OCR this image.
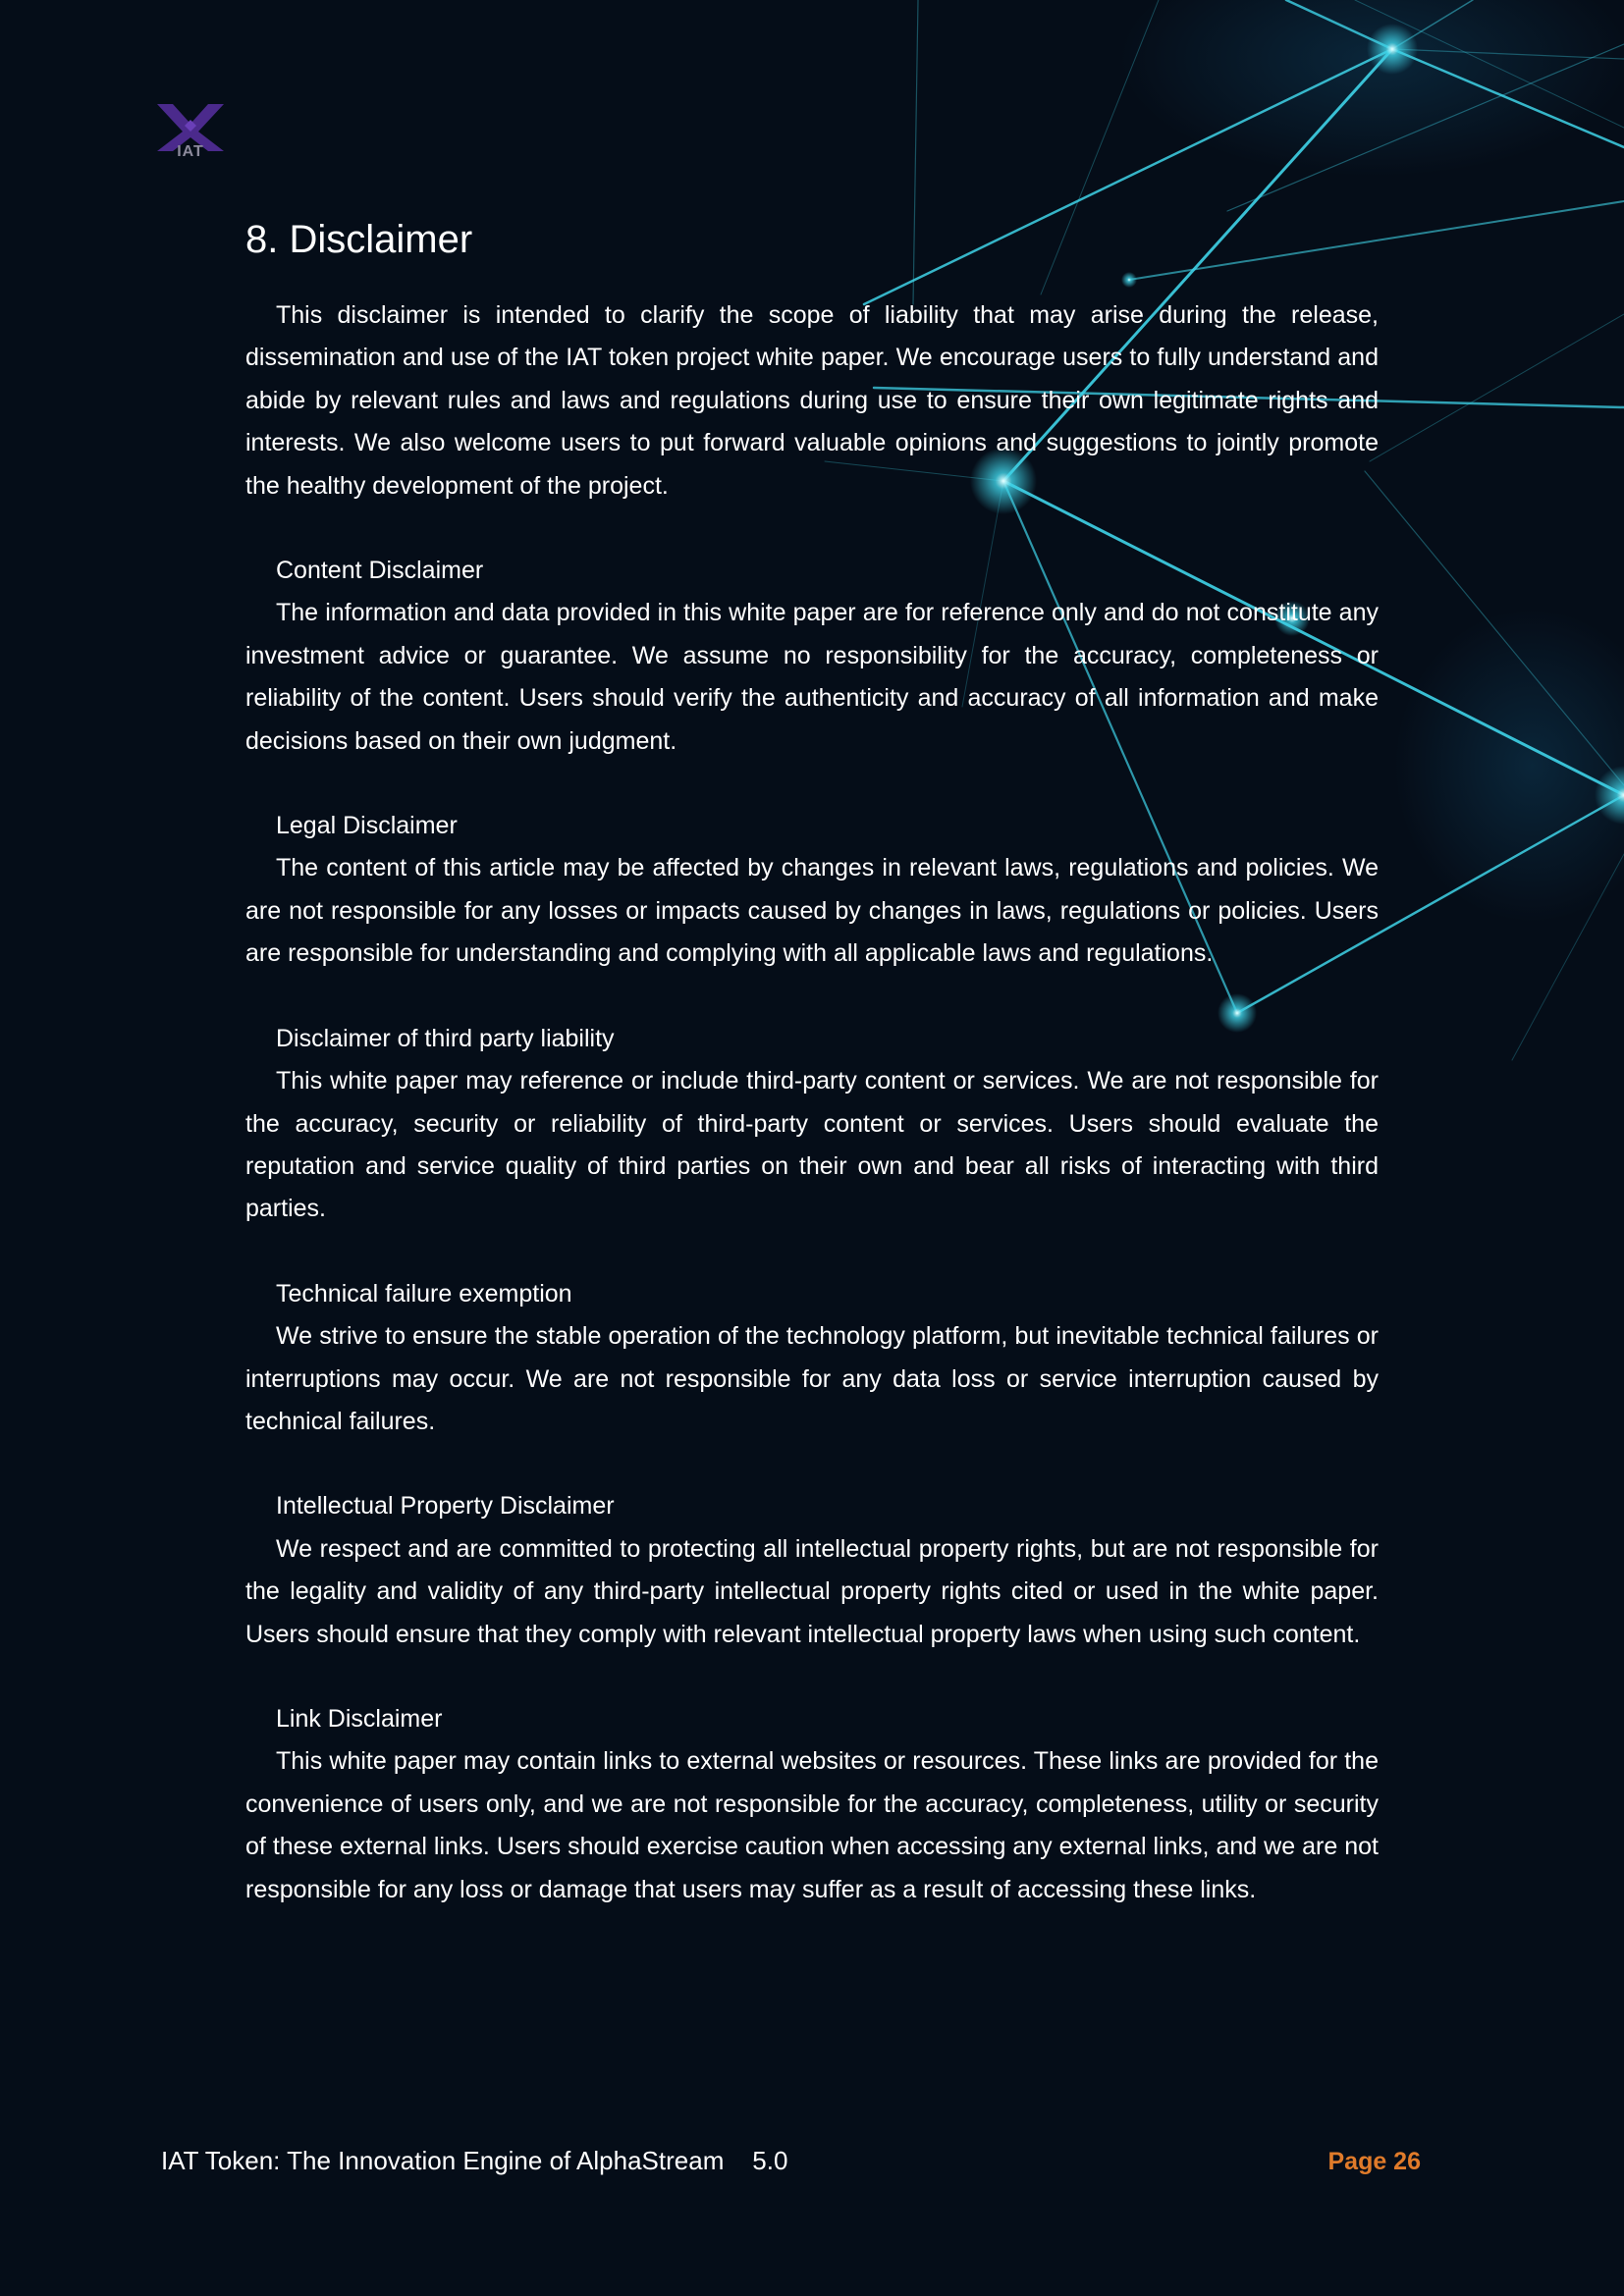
IAT
8. Disclaimer

This disclaimer is intended to clarify the scope of liability that may arise during the release, dissemination and use of the IAT token project white paper. We encourage users to fully understand and abide by relevant rules and laws and regulations during use to ensure their own legitimate rights and interests. We also welcome users to put forward valuable opinions and suggestions to jointly promote the healthy development of the project.

Content Disclaimer

The information and data provided in this white paper are for reference only and do not constitute any investment advice or guarantee. We assume no responsibility for the accuracy, completeness or reliability of the content. Users should verify the authenticity and accuracy of all information and make decisions based on their own judgment.

Legal Disclaimer

The content of this article may be affected by changes in relevant laws, regulations and policies. We are not responsible for any losses or impacts caused by changes in laws, regulations or policies. Users are responsible for understanding and complying with all applicable laws and regulations.

Disclaimer of third party liability

This white paper may reference or include third-party content or services. We are not responsible for the accuracy, security or reliability of third-party content or services. Users should evaluate the reputation and service quality of third parties on their own and bear all risks of interacting with third parties.

Technical failure exemption

We strive to ensure the stable operation of the technology platform, but inevitable technical failures or interruptions may occur. We are not responsible for any data loss or service interruption caused by technical failures.

Intellectual Property Disclaimer

We respect and are committed to protecting all intellectual property rights, but are not responsible for the legality and validity of any third-party intellectual property rights cited or used in the white paper. Users should ensure that they comply with relevant intellectual property laws when using such content.

Link Disclaimer

This white paper may contain links to external websites or resources. These links are provided for the convenience of users only, and we are not responsible for the accuracy, completeness, utility or security of these external links. Users should exercise caution when accessing any external links, and we are not responsible for any loss or damage that users may suffer as a result of accessing these links.

IAT Token: The Innovation Engine of AlphaStream 5.0	Page 26
